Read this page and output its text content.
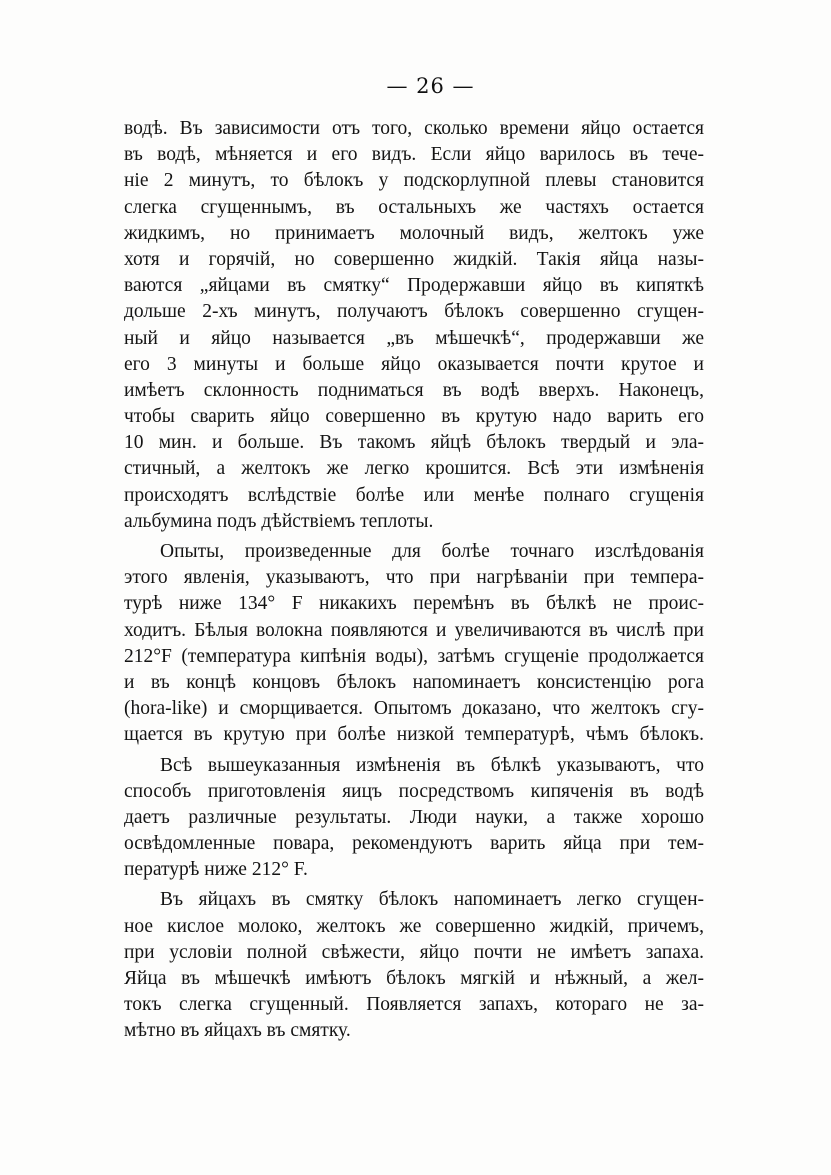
— 26 —
водѣ. Въ зависимости отъ того, сколько времени яйцо остается
въ водѣ, мѣняется и его видъ. Если яйцо варилось въ тече-
ніе 2 минутъ, то бѣлокъ у подскорлупной плевы становится
слегка сгущеннымъ, въ остальныхъ же частяхъ остается
жидкимъ, но принимаетъ молочный видъ, желтокъ уже
хотя и горячій, но совершенно жидкій. Такія яйца назы-
ваются „яйцами въ смятку“ Продержавши яйцо въ кипяткѣ
дольше 2-хъ минутъ, получаютъ бѣлокъ совершенно сгущен-
ный и яйцо называется „въ мѣшечкѣ“, продержавши же
его 3 минуты и больше яйцо оказывается почти крутое и
имѣетъ склонность подниматься въ водѣ вверхъ. Наконецъ,
чтобы сварить яйцо совершенно въ крутую надо варить его
10 мин. и больше. Въ такомъ яйцѣ бѣлокъ твердый и эла-
стичный, а желтокъ же легко крошится. Всѣ эти измѣненія
происходятъ вслѣдствіе болѣе или менѣе полнаго сгущенія
альбумина подъ дѣйствіемъ теплоты.
Опыты, произведенные для болѣе точнаго изслѣдованія
этого явленія, указываютъ, что при нагрѣваніи при темпера-
турѣ ниже 134° F никакихъ перемѣнъ въ бѣлкѣ не проис-
ходитъ. Бѣлыя волокна появляются и увеличиваются въ числѣ при
212°F (температура кипѣнія воды), затѣмъ сгущеніе продолжается
и въ концѣ концовъ бѣлокъ напоминаетъ консистенцію рога
(hora-like) и сморщивается. Опытомъ доказано, что желтокъ сгу-
щается въ крутую при болѣе низкой температурѣ, чѣмъ бѣлокъ.
Всѣ вышеуказанныя измѣненія въ бѣлкѣ указываютъ, что
способъ приготовленія яицъ посредствомъ кипяченія въ водѣ
даетъ различные результаты. Люди науки, а также хорошо
освѣдомленные повара, рекомендуютъ варить яйца при тем-
пературѣ ниже 212° F.
Въ яйцахъ въ смятку бѣлокъ напоминаетъ легко сгущен-
ное кислое молоко, желтокъ же совершенно жидкій, причемъ,
при условіи полной свѣжести, яйцо почти не имѣетъ запаха.
Яйца въ мѣшечкѣ имѣютъ бѣлокъ мягкій и нѣжный, а жел-
токъ слегка сгущенный. Появляется запахъ, котораго не за-
мѣтно въ яйцахъ въ смятку.
